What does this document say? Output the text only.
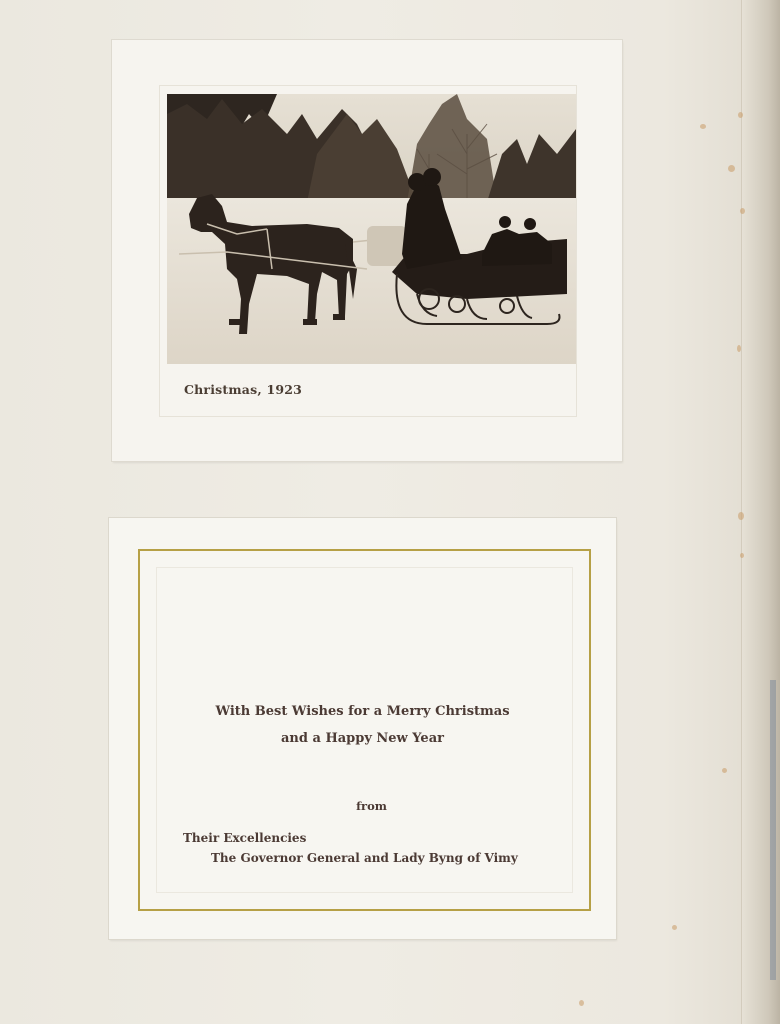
Christmas, 1923
With Best Wishes for a Merry Christmas
and a Happy New Year
from
Their Excellencies
The Governor General and Lady Byng of Vimy
